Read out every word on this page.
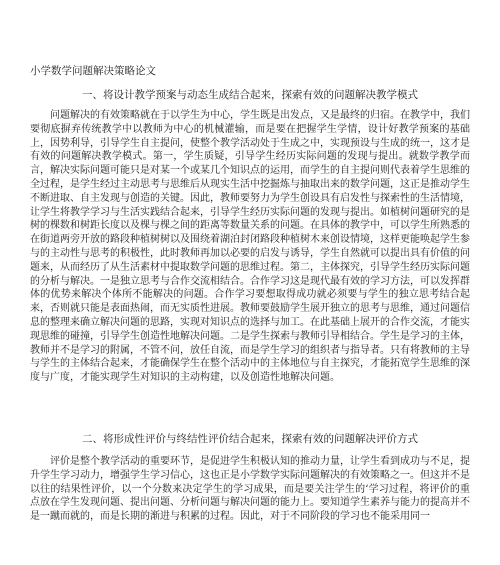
小学数学问题解决策略论文
一、将设计教学预案与动态生成结合起来，探索有效的问题解决教学模式

问题解决的有效策略就在于以学生为中心，学生既是出发点，又是最终的归宿。在教学中，我们要彻底摒弃传统教学中以教师为中心的机械灌输，而是要在把握学生学情，设计好教学预案的基础上，因势利导，引导学生自主提问，使整个教学活动处于生成之中，实现预设与生成的统一，这才是有效的问题解决教学模式。第一，学生质疑，引导学生经历实际问题的发现与提出。就数学教学而言，解决实际问题可能只是对某一个或某几个知识点的运用，而学生的自主提问则代表着学生思维的全过程，是学生经过主动思考与思维后从现实生活中挖掘炼与抽取出来的数学问题，这正是推动学生不断进取、自主发现与创造的关键。因此，教师要努力为学生创设具有启发性与探索性的生活情境，让学生将教学学习与生活实践结合起来，引导学生经历实际问题的发现与提出。如植树问题研究的是树的棵数和树距长度以及棵与棵之间的距离等数量关系的问题。在具体的教学中，可以学生所熟悉的在街道两旁开放的路段种植树树以及围绕着湖泊封闭路段种植树木来创设情境，这样更能唤起学生参与的主动性与思考的积极性，此时教师再加以必要的启发与诱导，学生自然就可以提出具有价值的问题来，从而经历了从生活素材中提取数学问题的思维过程。第二，主体探究，引导学生经历实际问题的分析与解决。一是独立思考与合作交流相结合。合作学习这是现代最有效的学习方法，可以发挥群体的优势来解决个体所不能解决的问题。合作学习要想取得成功就必须要与学生的独立思考结合起来，否则就只能是表面热闹，而无实质性进展。教师要鼓励学生展开独立的思考与思维，通过问题信息的整理来确立解决问题的思路，实现对知识点的选择与加工。在此基础上展开的合作交流，才能实现思维的碰撞，引导学生创造性地解决问题。二是学生探索与教师引导相结合。学生是学习的主体，教师并不是学习的附属，不管不问，放任自流，而是学生学习的组织者与指导者。只有将教师的主导与学生的主体结合起来，才能确保学生在整个活动中的主体地位与自主探究，才能拓宽学生思维的深度与广度，才能实现学生对知识的主动构建，以及创造性地解决问题。

二、将形成性评价与终结性评价结合起来，探索有效的问题解决评价方式

评价是整个教学活动的重要环节，是促进学生积极认知的推动力量，让学生看到成功与不足，提升学生学习动力，增强学生学习信心，这也正是小学数学实际问题解决的有效策略之一。但这并不是以往的结果性评价，以一个分数来决定学生的学习成果，而是要关注学生的‘学习过程，将评价的重点放在学生发现问题、提出问题、分析问题与解决问题的能力上。要知道学生素养与能力的提高并不是一蹴而就的，而是长期的渐进与积累的过程。因此，对于不同阶段的学习也不能采用同一
